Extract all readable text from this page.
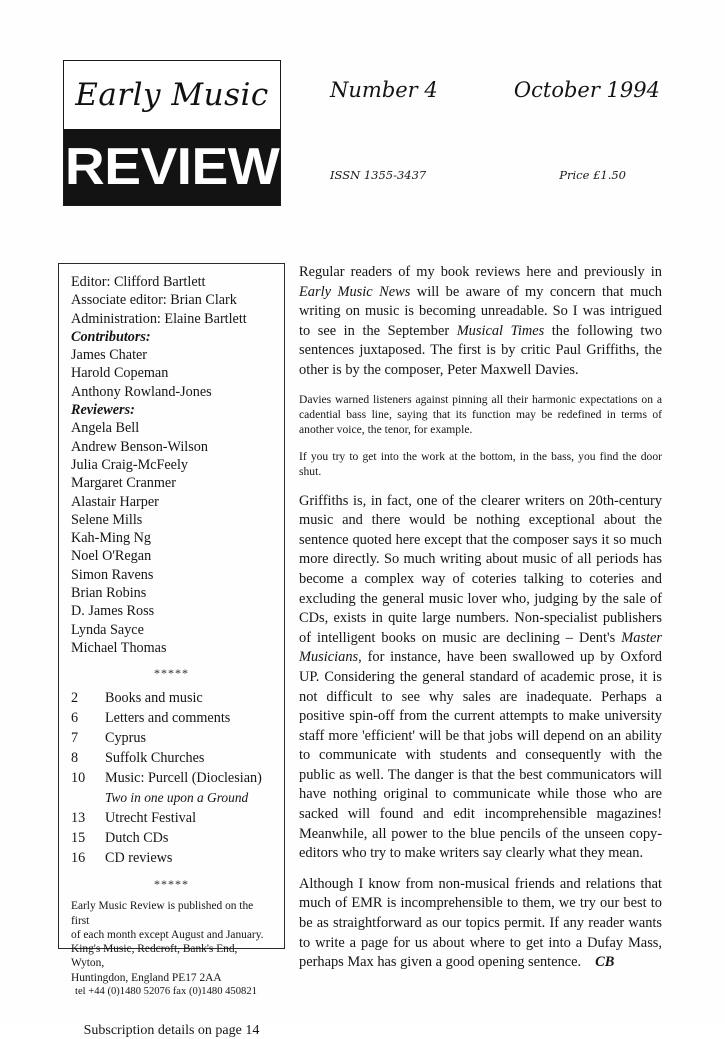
Early Music
REVIEW
Number 4	October 1994
ISSN 1355-3437	Price £1.50
Editor: Clifford Bartlett
Associate editor: Brian Clark
Administration: Elaine Bartlett
Contributors:
James Chater
Harold Copeman
Anthony Rowland-Jones
Reviewers:
Angela Bell
Andrew Benson-Wilson
Julia Craig-McFeely
Margaret Cranmer
Alastair Harper
Selene Mills
Kah-Ming Ng
Noel O'Regan
Simon Ravens
Brian Robins
D. James Ross
Lynda Sayce
Michael Thomas
*****
2	Books and music
6	Letters and comments
7	Cyprus
8	Suffolk Churches
10	Music: Purcell (Dioclesian)
Two in one upon a Ground
13	Utrecht Festival
15	Dutch CDs
16	CD reviews
*****
Early Music Review is published on the first
of each month except August and January.
King's Music, Redcroft, Bank's End, Wyton,
Huntingdon, England PE17 2AA
tel +44 (0)1480 52076 fax (0)1480 450821
Subscription details on page 14

Regular readers of my book reviews here and previously in Early Music News will be aware of my concern that much writing on music is becoming unreadable. So I was intrigued to see in the September Musical Times the following two sentences juxtaposed. The first is by critic Paul Griffiths, the other is by the composer, Peter Maxwell Davies.

Davies warned listeners against pinning all their harmonic expectations on a cadential bass line, saying that its function may be redefined in terms of another voice, the tenor, for example.

If you try to get into the work at the bottom, in the bass, you find the door shut.

Griffiths is, in fact, one of the clearer writers on 20th-century music and there would be nothing exceptional about the sentence quoted here except that the composer says it so much more directly. So much writing about music of all periods has become a complex way of coteries talking to coteries and excluding the general music lover who, judging by the sale of CDs, exists in quite large numbers. Non-specialist publishers of intelligent books on music are declining – Dent's Master Musicians, for instance, have been swallowed up by Oxford UP. Considering the general standard of academic prose, it is not difficult to see why sales are inadequate. Perhaps a positive spin-off from the current attempts to make university staff more 'efficient' will be that jobs will depend on an ability to communicate with students and consequently with the public as well. The danger is that the best communicators will have nothing original to communicate while those who are sacked will found and edit incomprehensible magazines! Meanwhile, all power to the blue pencils of the unseen copy-editors who try to make writers say clearly what they mean.

Although I know from non-musical friends and relations that much of EMR is incomprehensible to them, we try our best to be as straightforward as our topics permit. If any reader wants to write a page for us about where to get into a Dufay Mass, perhaps Max has given a good opening sentence. CB
